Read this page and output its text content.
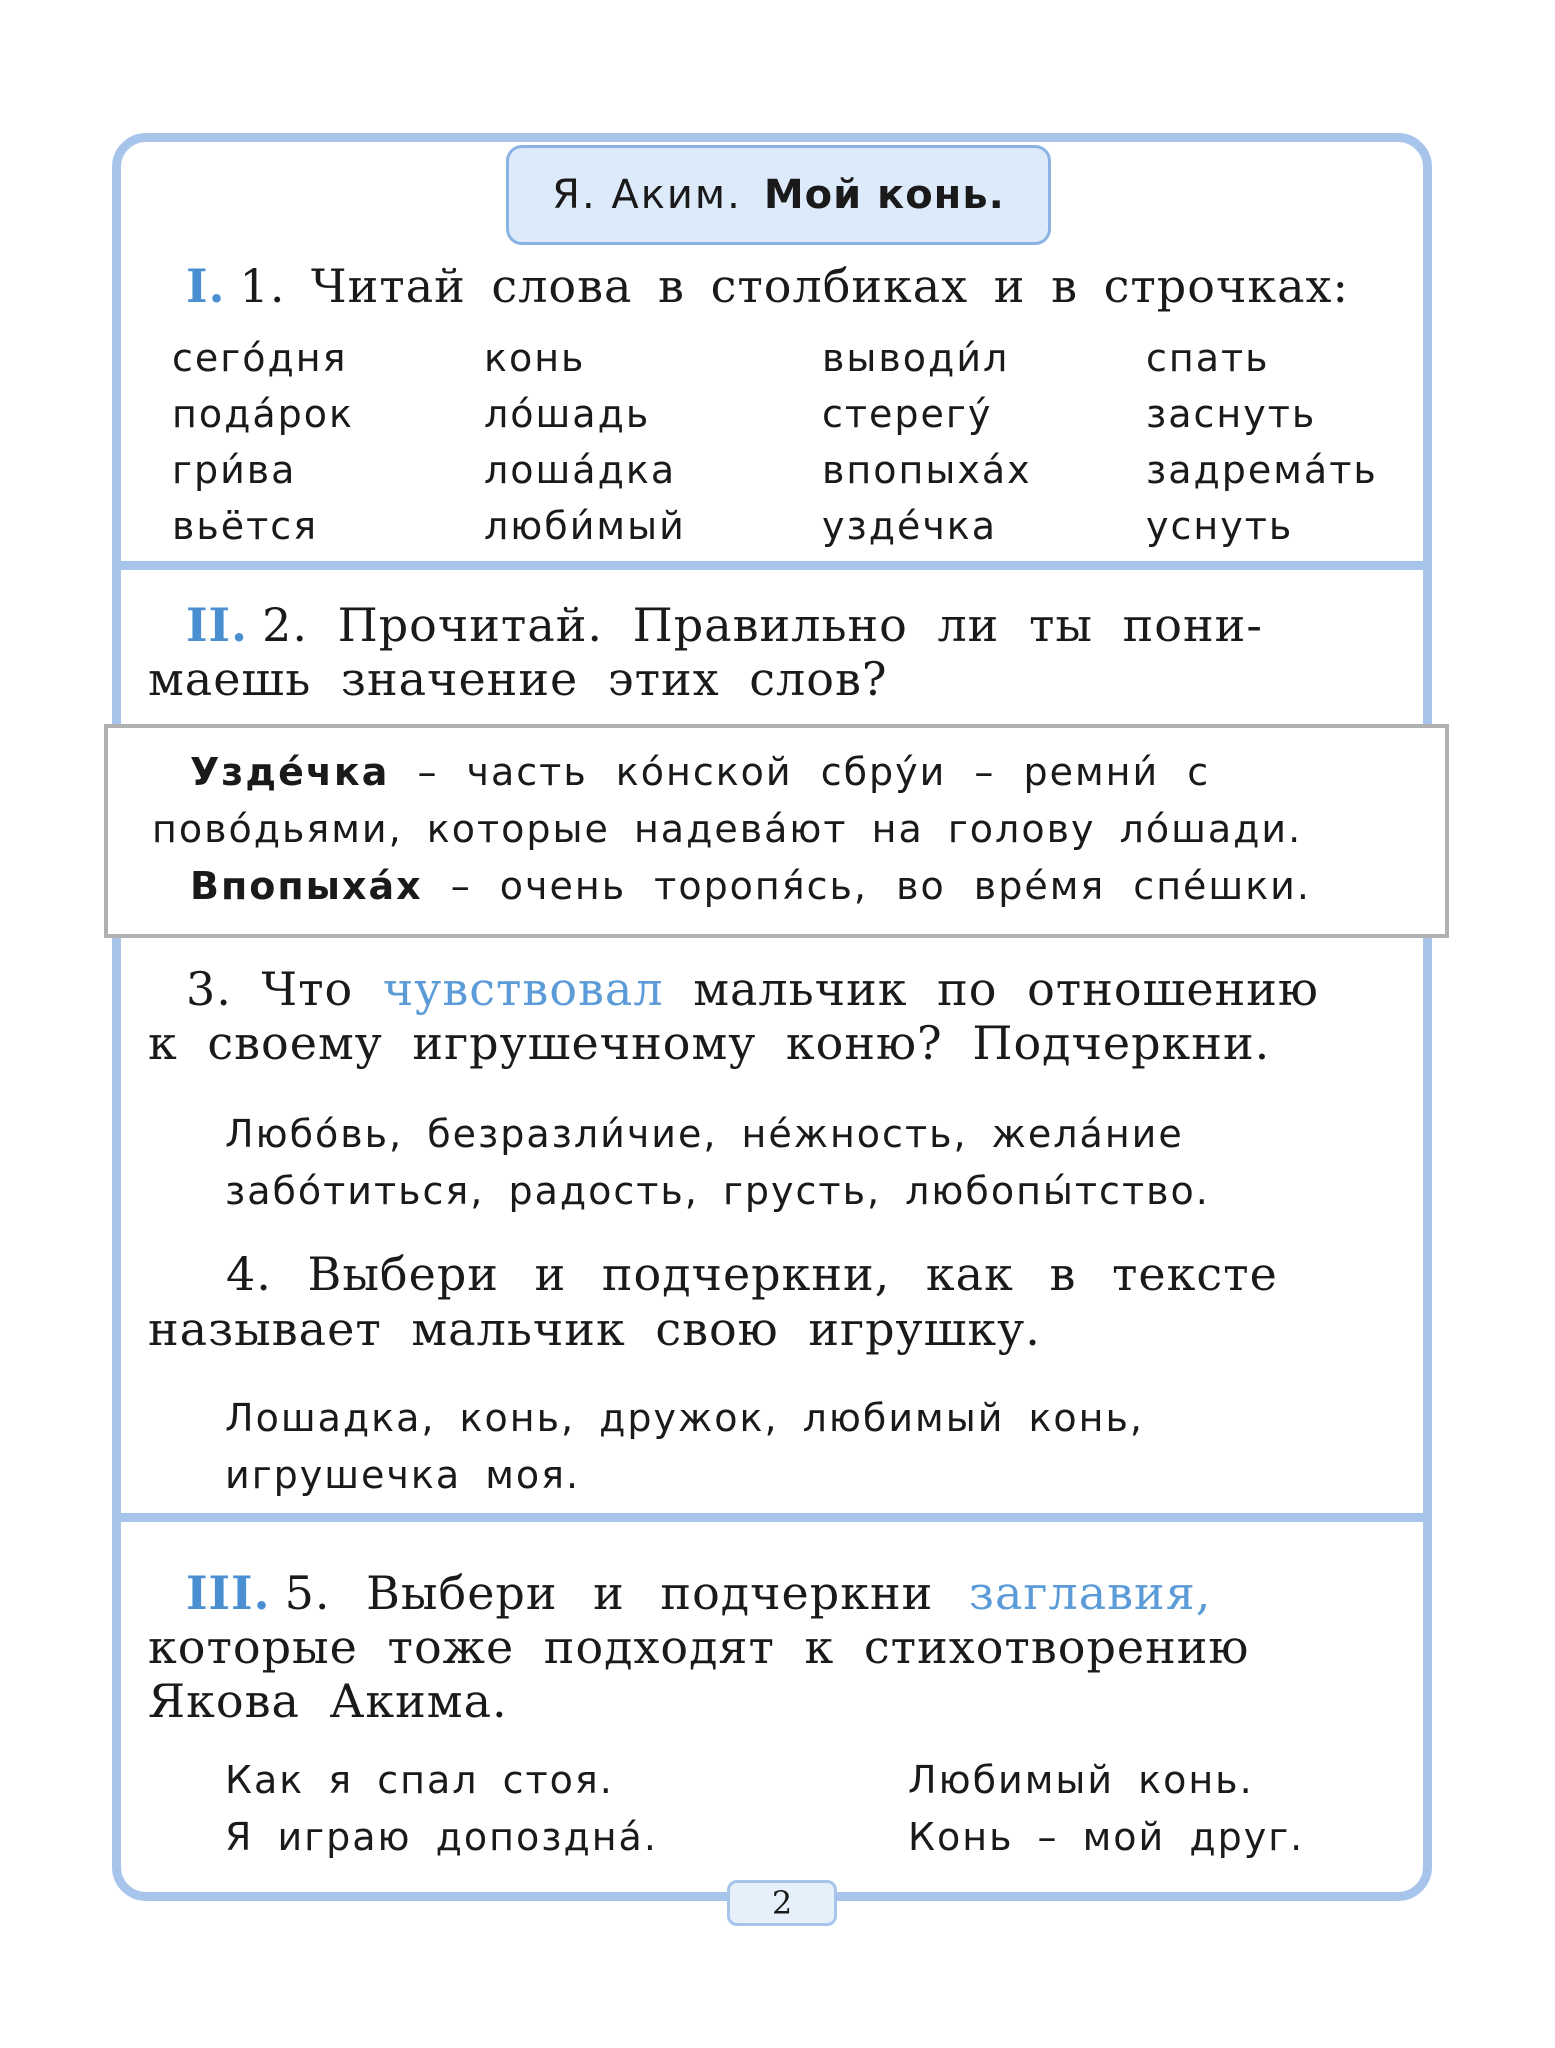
Я. Аким. Мой конь.
I. 1. Читай слова в столбиках и в строчках:
сего́дня	конь	выводи́л	спать
пода́рок	ло́шадь	стерегу́	заснуть
гри́ва	лоша́дка	впопыха́х	задрема́ть
вьётся	люби́мый	узде́чка	уснуть
II. 2. Прочитай. Правильно ли ты пони-
маешь значение этих слов?
Узде́чка – часть ко́нской сбру́и – ремни́ с
пово́дьями, которые надева́ют на голову ло́шади.
Впопыха́х – очень торопя́сь, во вре́мя спе́шки.
3. Что чувствовал мальчик по отношению
к своему игрушечному коню? Подчеркни.
Любо́вь, безразли́чие, не́жность, жела́ние
забо́титься, радость, грусть, любопы́тство.
4. Выбери и подчеркни, как в тексте
называет мальчик свою игрушку.
Лошадка, конь, дружок, любимый конь,
игрушечка моя.
III. 5. Выбери и подчеркни заглавия,
которые тоже подходят к стихотворению
Якова Акима.
Как я спал стоя.	Любимый конь.
Я играю допоздна́.	Конь – мой друг.
2
